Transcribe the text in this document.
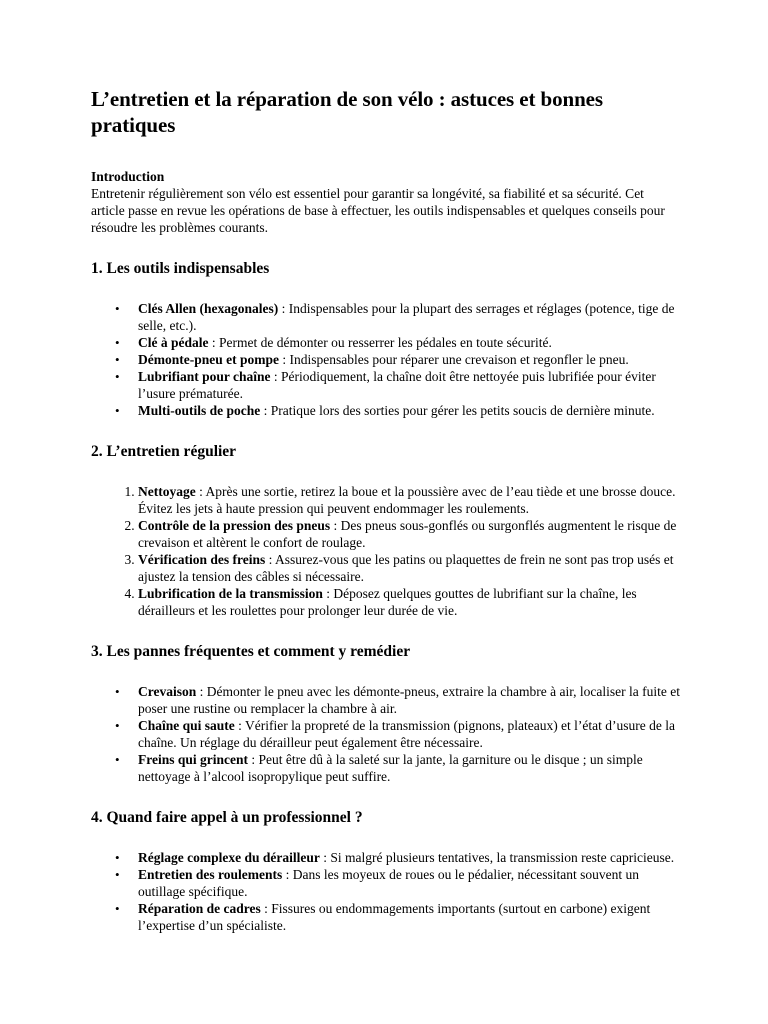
L’entretien et la réparation de son vélo : astuces et bonnes pratiques
Introduction

Entretenir régulièrement son vélo est essentiel pour garantir sa longévité, sa fiabilité et sa sécurité. Cet article passe en revue les opérations de base à effectuer, les outils indispensables et quelques conseils pour résoudre les problèmes courants.

1. Les outils indispensables
• Clés Allen (hexagonales) : Indispensables pour la plupart des serrages et réglages (potence, tige de selle, etc.).
• Clé à pédale : Permet de démonter ou resserrer les pédales en toute sécurité.
• Démonte-pneu et pompe : Indispensables pour réparer une crevaison et regonfler le pneu.
• Lubrifiant pour chaîne : Périodiquement, la chaîne doit être nettoyée puis lubrifiée pour éviter l’usure prématurée.
• Multi-outils de poche : Pratique lors des sorties pour gérer les petits soucis de dernière minute.
2. L’entretien régulier
1. Nettoyage : Après une sortie, retirez la boue et la poussière avec de l’eau tiède et une brosse douce. Évitez les jets à haute pression qui peuvent endommager les roulements.
2. Contrôle de la pression des pneus : Des pneus sous-gonflés ou surgonflés augmentent le risque de crevaison et altèrent le confort de roulage.
3. Vérification des freins : Assurez-vous que les patins ou plaquettes de frein ne sont pas trop usés et ajustez la tension des câbles si nécessaire.
4. Lubrification de la transmission : Déposez quelques gouttes de lubrifiant sur la chaîne, les dérailleurs et les roulettes pour prolonger leur durée de vie.
3. Les pannes fréquentes et comment y remédier
• Crevaison : Démonter le pneu avec les démonte-pneus, extraire la chambre à air, localiser la fuite et poser une rustine ou remplacer la chambre à air.
• Chaîne qui saute : Vérifier la propreté de la transmission (pignons, plateaux) et l’état d’usure de la chaîne. Un réglage du dérailleur peut également être nécessaire.
• Freins qui grincent : Peut être dû à la saleté sur la jante, la garniture ou le disque ; un simple nettoyage à l’alcool isopropylique peut suffire.
4. Quand faire appel à un professionnel ?
• Réglage complexe du dérailleur : Si malgré plusieurs tentatives, la transmission reste capricieuse.
• Entretien des roulements : Dans les moyeux de roues ou le pédalier, nécessitant souvent un outillage spécifique.
• Réparation de cadres : Fissures ou endommagements importants (surtout en carbone) exigent l’expertise d’un spécialiste.
